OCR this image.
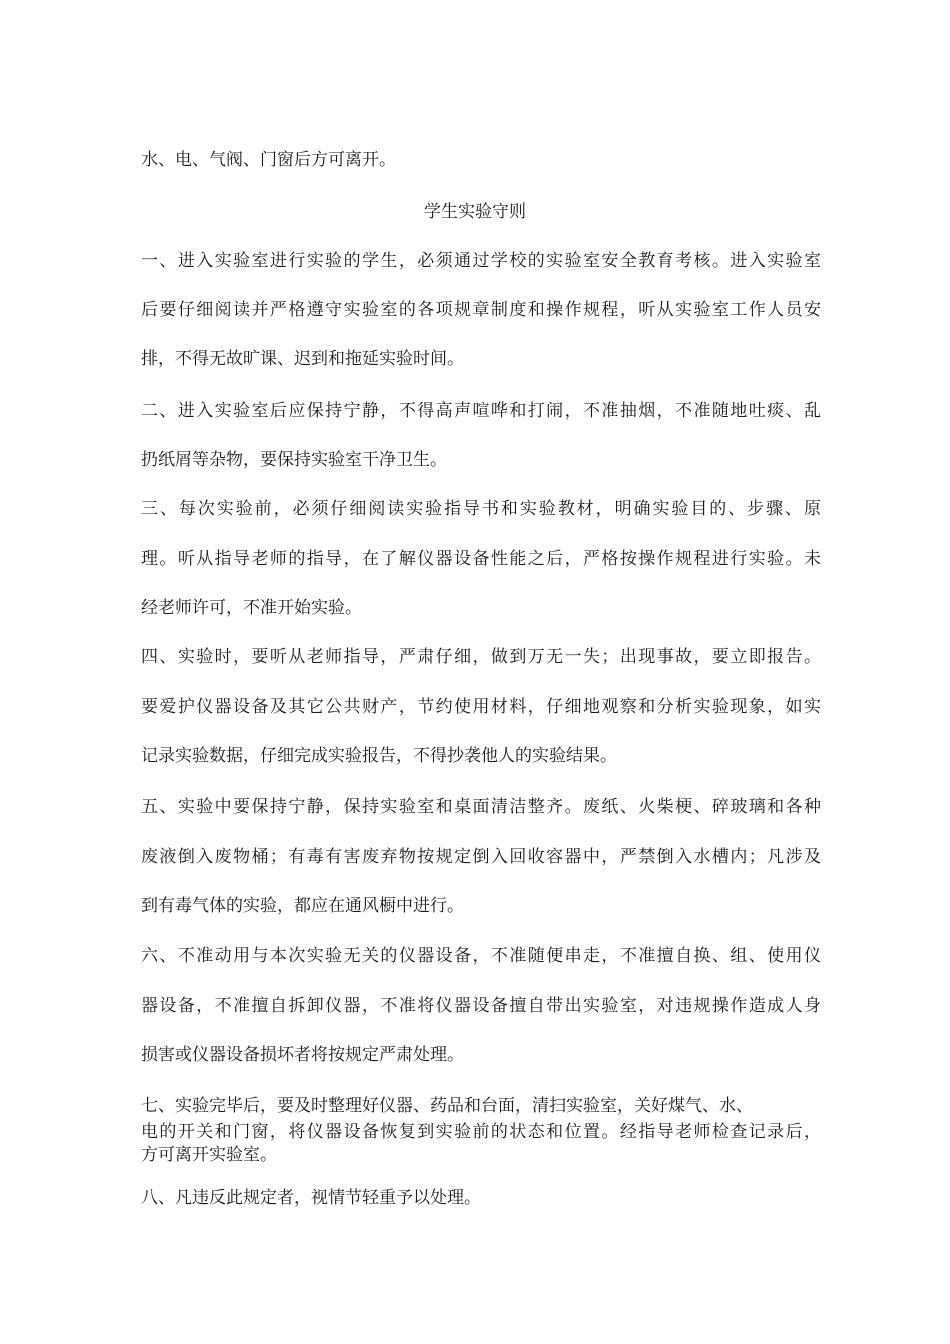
水、电、气阀、门窗后方可离开。
学生实验守则
一、进入实验室进行实验的学生，必须通过学校的实验室安全教育考核。进入实验室
后要仔细阅读并严格遵守实验室的各项规章制度和操作规程，听从实验室工作人员安
排，不得无故旷课、迟到和拖延实验时间。
二、进入实验室后应保持宁静，不得高声喧哗和打闹，不准抽烟，不准随地吐痰、乱
扔纸屑等杂物，要保持实验室干净卫生。
三、每次实验前，必须仔细阅读实验指导书和实验教材，明确实验目的、步骤、原
理。听从指导老师的指导，在了解仪器设备性能之后，严格按操作规程进行实验。未
经老师许可，不准开始实验。
四、实验时，要听从老师指导，严肃仔细，做到万无一失；出现事故，要立即报告。
要爱护仪器设备及其它公共财产，节约使用材料，仔细地观察和分析实验现象，如实
记录实验数据，仔细完成实验报告，不得抄袭他人的实验结果。
五、实验中要保持宁静，保持实验室和桌面清洁整齐。废纸、火柴梗、碎玻璃和各种
废液倒入废物桶；有毒有害废弃物按规定倒入回收容器中，严禁倒入水槽内；凡涉及
到有毒气体的实验，都应在通风橱中进行。
六、不准动用与本次实验无关的仪器设备，不准随便串走，不准擅自换、组、使用仪
器设备，不准擅自拆卸仪器，不准将仪器设备擅自带出实验室，对违规操作造成人身
损害或仪器设备损坏者将按规定严肃处理。
七、实验完毕后，要及时整理好仪器、药品和台面，清扫实验室，关好煤气、水、
电的开关和门窗，将仪器设备恢复到实验前的状态和位置。经指导老师检查记录后，
方可离开实验室。
八、凡违反此规定者，视情节轻重予以处理。
